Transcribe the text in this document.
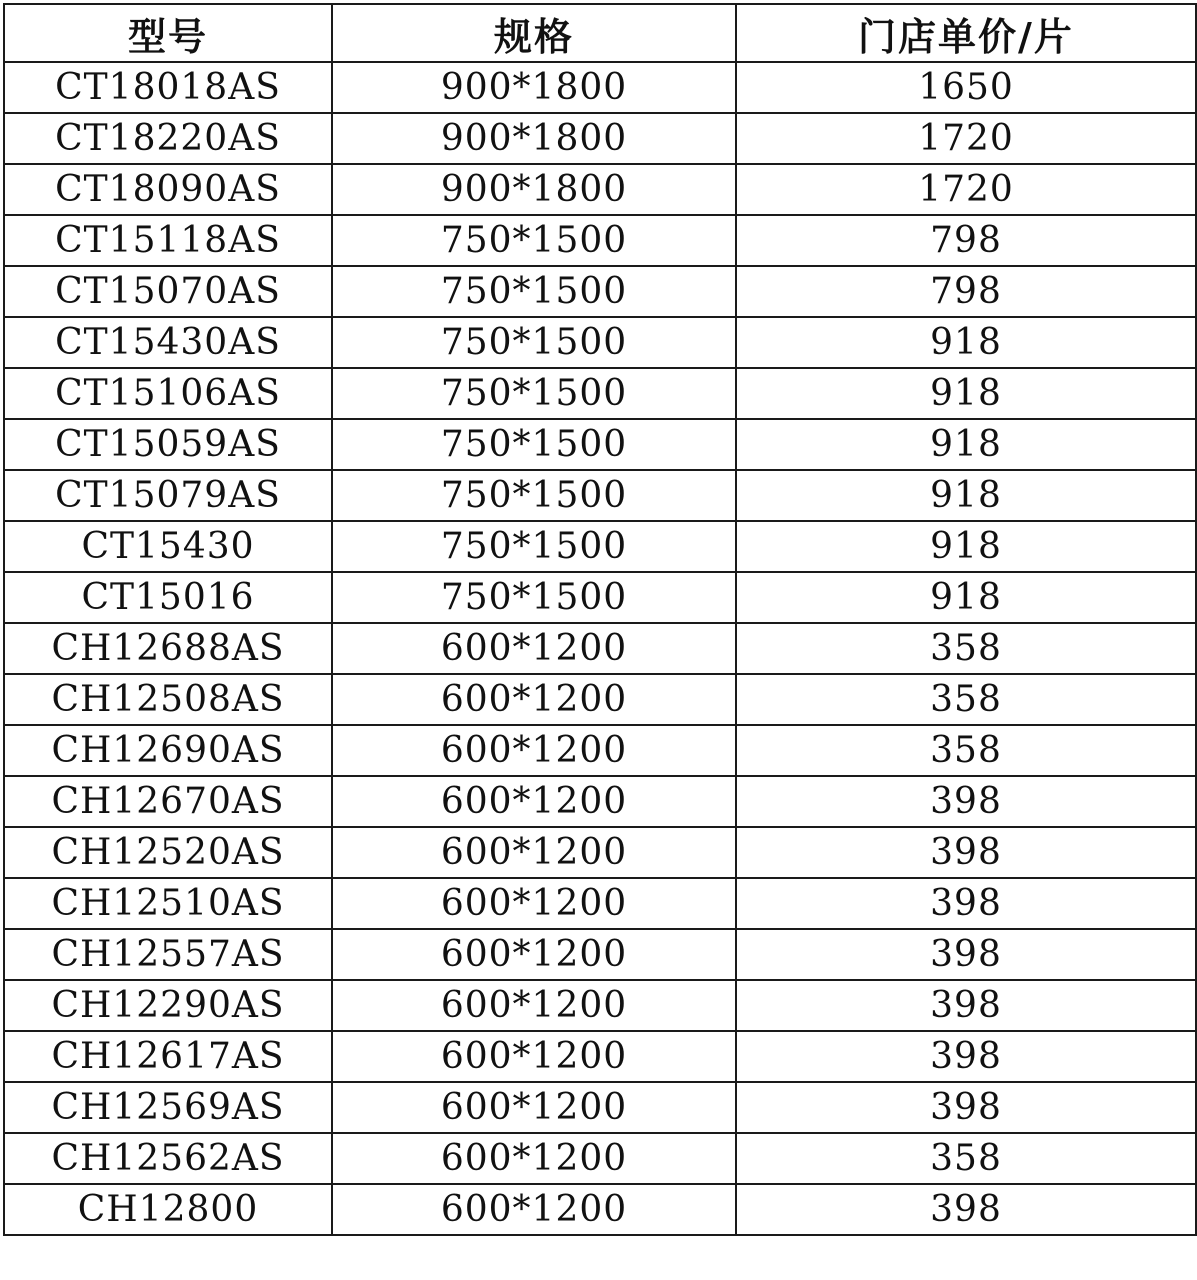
型号	规格	门店单价/片
CT18018AS	900*1800	1650
CT18220AS	900*1800	1720
CT18090AS	900*1800	1720
CT15118AS	750*1500	798
CT15070AS	750*1500	798
CT15430AS	750*1500	918
CT15106AS	750*1500	918
CT15059AS	750*1500	918
CT15079AS	750*1500	918
CT15430	750*1500	918
CT15016	750*1500	918
CH12688AS	600*1200	358
CH12508AS	600*1200	358
CH12690AS	600*1200	358
CH12670AS	600*1200	398
CH12520AS	600*1200	398
CH12510AS	600*1200	398
CH12557AS	600*1200	398
CH12290AS	600*1200	398
CH12617AS	600*1200	398
CH12569AS	600*1200	398
CH12562AS	600*1200	358
CH12800	600*1200	398
